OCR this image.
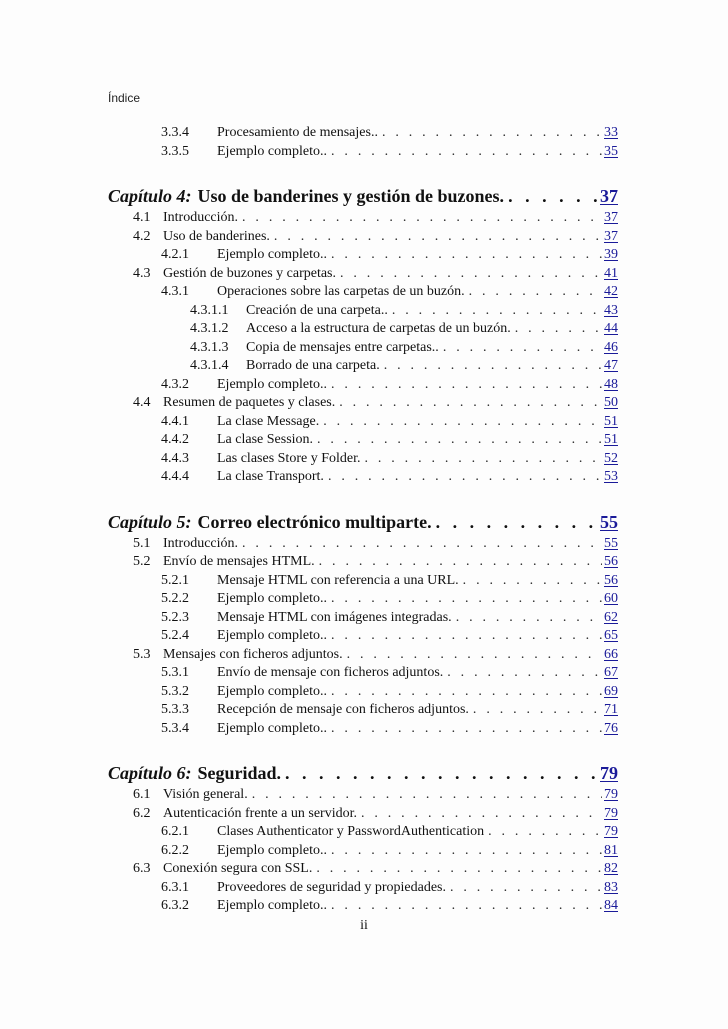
Índice
3.3.4	Procesamiento de mensajes.. . . .	33
3.3.5	Ejemplo completo.. . . .	35
Capítulo 4: Uso de banderines y gestión de buzones. . . .	37
4.1 Introducción. . . .	37
4.2 Uso de banderines. . . .	37
4.2.1	Ejemplo completo.. . . .	39
4.3 Gestión de buzones y carpetas. . . .	41
4.3.1	Operaciones sobre las carpetas de un buzón. . . .	42
4.3.1.1	Creación de una carpeta.. . . .	43
4.3.1.2	Acceso a la estructura de carpetas de un buzón. . . .	44
4.3.1.3	Copia de mensajes entre carpetas.. . . .	46
4.3.1.4	Borrado de una carpeta. . . .	47
4.3.2	Ejemplo completo.. . . .	48
4.4 Resumen de paquetes y clases. . . .	50
4.4.1	La clase Message. . . .	51
4.4.2	La clase Session. . . .	51
4.4.3	Las clases Store y Folder. . . .	52
4.4.4	La clase Transport. . . .	53
Capítulo 5: Correo electrónico multiparte. . . .	55
5.1 Introducción. . . .	55
5.2 Envío de mensajes HTML. . . .	56
5.2.1	Mensaje HTML con referencia a una URL. . . .	56
5.2.2	Ejemplo completo.. . . .	60
5.2.3	Mensaje HTML con imágenes integradas. . . .	62
5.2.4	Ejemplo completo.. . . .	65
5.3 Mensajes con ficheros adjuntos. . . .	66
5.3.1	Envío de mensaje con ficheros adjuntos. . . .	67
5.3.2	Ejemplo completo.. . . .	69
5.3.3	Recepción de mensaje con ficheros adjuntos. . . .	71
5.3.4	Ejemplo completo.. . . .	76
Capítulo 6: Seguridad. . . .	79
6.1 Visión general. . . .	79
6.2 Autenticación frente a un servidor. . . .	79
6.2.1	Clases Authenticator y PasswordAuthentication . . .	79
6.2.2	Ejemplo completo.. . . .	81
6.3 Conexión segura con SSL. . . .	82
6.3.1	Proveedores de seguridad y propiedades. . . .	83
6.3.2	Ejemplo completo.. . . .	84
ii
